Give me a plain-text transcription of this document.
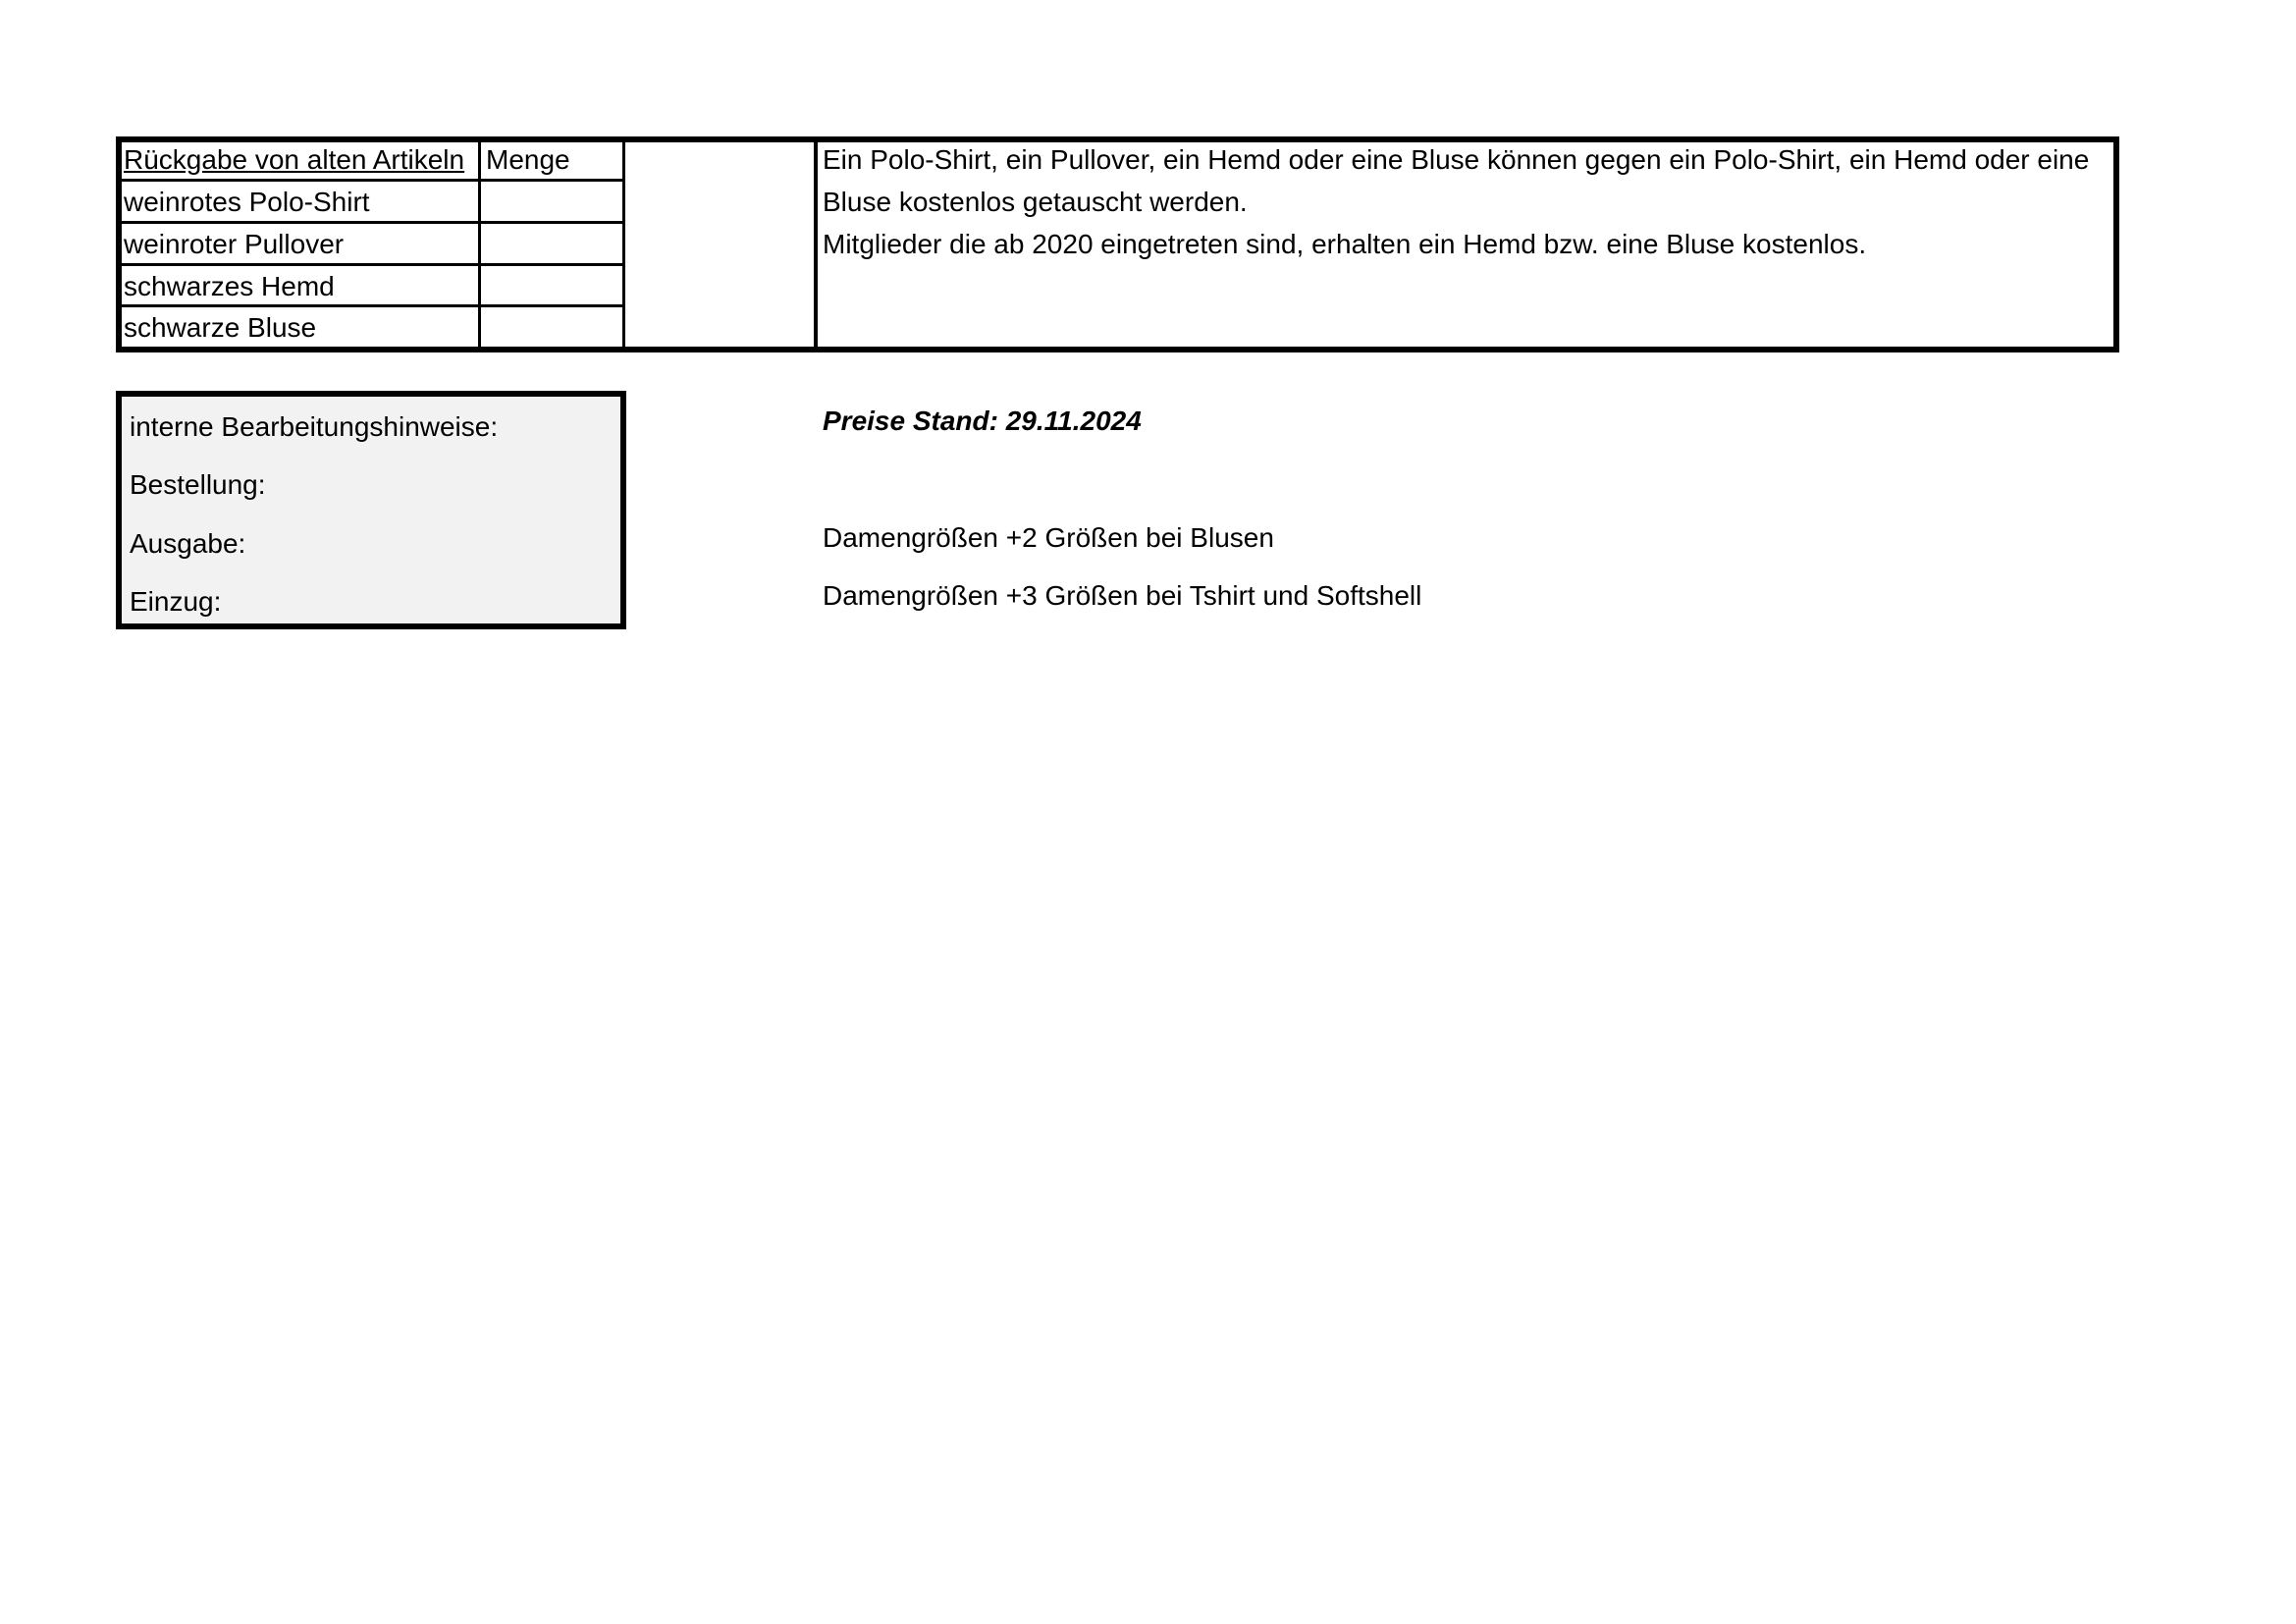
Rückgabe von alten Artikeln Menge
weinrotes Polo-Shirt
weinroter Pullover
schwarzes Hemd
schwarze Bluse
Ein Polo-Shirt, ein Pullover, ein Hemd oder eine Bluse können gegen ein Polo-Shirt, ein Hemd oder eine
Bluse kostenlos getauscht werden.
Mitglieder die ab 2020 eingetreten sind, erhalten ein Hemd bzw. eine Bluse kostenlos.
interne Bearbeitungshinweise:
Bestellung:
Ausgabe:
Einzug:
Preise Stand: 29.11.2024
Damengrößen +2 Größen bei Blusen
Damengrößen +3 Größen bei Tshirt und Softshell
